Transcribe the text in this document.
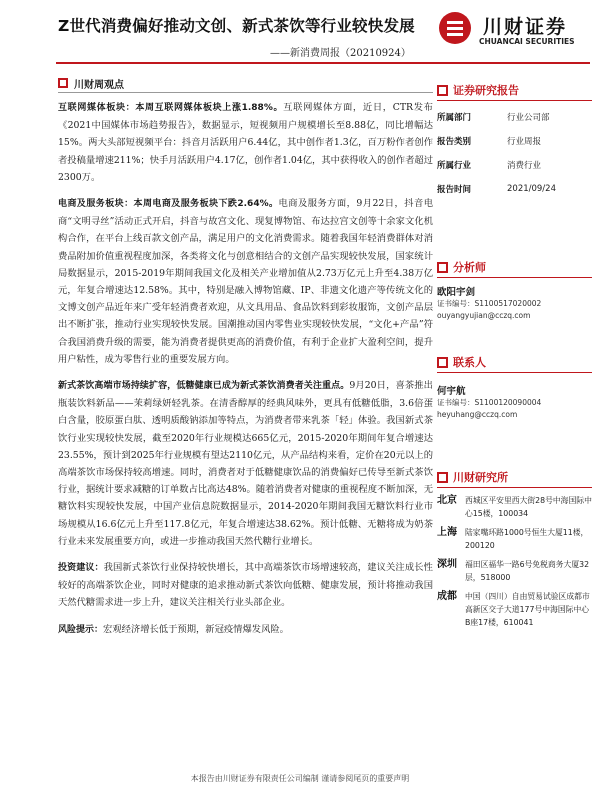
Z世代消费偏好推动文创、新式茶饮等行业较快发展
——新消费周报（20210924）
川财证券
CHUANCAI SECURITIES
川财周观点

互联网媒体板块：本周互联网媒体板块上涨1.88%。互联网媒体方面，近日，CTR发布《2021中国媒体市场趋势报告》，数据显示，短视频用户规模增长至8.88亿，同比增幅达15%。两大头部短视频平台：抖音月活跃用户6.44亿，其中创作者1.3亿，百万粉作者创作者投稿量增速211%；快手月活跃用户4.17亿，创作者1.04亿，其中获得收入的创作者超过2300万。

电商及服务板块：本周电商及服务板块下跌2.64%。电商及服务方面，9月22日，抖音电商“文明寻丝”活动正式开启，抖音与故宫文化、现复博物馆、布达拉宫文创等十余家文化机构合作，在平台上线百款文创产品，满足用户的文化消费需求。随着我国年轻消费群体对消费品附加价值重视程度加深，各类将文化与创意相结合的文创产品实现较快发展，国家统计局数据显示，2015-2019年期间我国文化及相关产业增加值从2.73万亿元上升至4.38万亿元，年复合增速达12.58%。其中，特别是融入博物馆藏、IP、非遗文化遗产等传统文化的文博文创产品近年来广受年轻消费者欢迎，从文具用品、食品饮料到彩妆服饰，文创产品层出不断扩张，推动行业实现较快发展。国潮推动国内零售业实现较快发展，“文化+产品”符合我国消费升级的需要，能为消费者提供更高的消费价值，有利于企业扩大盈利空间，提升用户粘性，成为零售行业的重要发展方向。

新式茶饮高端市场持续扩容，低糖健康已成为新式茶饮消费者关注重点。9月20日，喜茶推出瓶装饮料新品——茉莉绿妍轻乳茶。在清香醇厚的经典风味外，更具有低糖低脂，3.6倍蛋白含量，胶原蛋白肽、透明质酸钠添加等特点，为消费者带来乳茶「轻」体验。我国新式茶饮行业实现较快发展，截至2020年行业规模达665亿元，2015-2020年期间年复合增速达23.55%，预计到2025年行业规模有望达2110亿元，从产品结构来看，定价在20元以上的高端茶饮市场保持较高增速。同时，消费者对于低糖健康饮品的消费偏好已传导至新式茶饮行业，据统计要求减糖的订单数占比高达48%。随着消费者对健康的重视程度不断加深，无糖饮料实现较快发展，中国产业信息院数据显示，2014-2020年期间我国无糖饮料行业市场规模从16.6亿元上升至117.8亿元，年复合增速达38.62%。预计低糖、无糖将成为奶茶行业未来发展重要方向，或进一步推动我国天然代糖行业增长。

投资建议：我国新式茶饮行业保持较快增长，其中高端茶饮市场增速较高，建议关注成长性较好的高端茶饮企业，同时对健康的追求推动新式茶饮向低糖、健康发展，预计将推动我国天然代糖需求进一步上升，建议关注相关行业头部企业。

风险提示：宏观经济增长低于预期，新冠疫情爆发风险。

证券研究报告
所属部门	行业公司部
报告类别	行业周报
所属行业	消费行业
报告时间	2021/09/24
分析师
欧阳宇剑
证书编号：S1100517020002
ouyangyujian@cczq.com
联系人
何宇航
证书编号：S1100120090004
heyuhang@cczq.com
川财研究所
北京	西城区平安里西大街28号中海国际中心15楼，100034
上海	陆家嘴环路1000号恒生大厦11楼，200120
深圳	福田区福华一路6号免税商务大厦32层，518000
成都	中国（四川）自由贸易试验区成都市高新区交子大道177号中海国际中心B座17楼，610041
本报告由川财证券有限责任公司编制 谨请参阅尾页的重要声明
